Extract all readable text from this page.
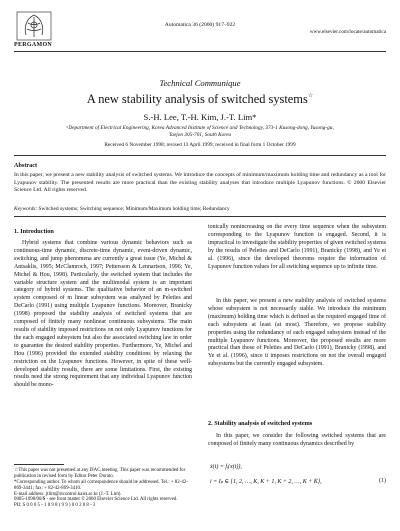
PERGAMON
Automatica 36 (2000) 917–922
www.elsevier.com/locate/automatica
Technical Communique
A new stability analysis of switched systems☆
S.-H. Lee, T.-H. Kim, J.-T. Lim*
ᵃDepartment of Electrical Engineering, Korea Advanced Institute of Science and Technology, 373-1 Kusong-dong, Yusong-gu, Taejon 305-701, South Korea
Received 6 November 1998; revised 13 April 1999; received in final form 1 October 1999
Abstract
In this paper, we present a new stability analysis of switched systems. We introduce the concepts of minimum/maximum holding time and redundancy as a tool for Lyapunov stability. The presented results are more practical than the existing stability analyses that introduce multiple Lyapunov functions. © 2000 Elsevier Science Ltd. All rights reserved.
Keywords: Switched systems; Switching sequence; Minimum/Maximum holding time; Redundancy
1. Introduction
Hybrid systems that combine various dynamic behaviors such as continuous-time dynamic, discrete-time dynamic, event-driven dynamic, switching, and jump phenomena are currently a great issue (Ye, Michel & Antsaklis, 1995; McClamroch, 1997; Pettersson & Lennartson, 1996; Ye, Michel & Hou, 1998). Particularly, the switched system that includes the variable structure system and the multimodal system is an important category of hybrid systems. The qualitative behavior of an m-switched system composed of m linear subsystem was analyzed by Peleties and DeCarlo (1991) using multiple Lyapunov functions. Moreover, Branicky (1998) proposed the stability analysis of switched systems that are composed of finitely many nonlinear continuous subsystems. The main results of stability imposed restrictions on not only Lyapunov functions for the each engaged subsystem but also the associated switching law in order to guarantee the desired stability properties. Furthermore, Ye, Michel and Hou (1996) provided the extended stability conditions by relaxing the restriction on the Lyapunov functions. However, in spite of these well-developed stability results, there are some limitations. First, the existing results need the strong requirement that any individual Lyapunov function should be mono-

☆This paper was not presented at any IFAC meeting. This paper was recommended for publication in revised form by Editor Peter Dorato.

*Corresponding author. To whom all correspondence should be addressed. Tel.: + 82-42-869-3441; fax: + 82-42-869-3410.

E-mail address: jtlim@stcontrol.kaist.ac.kr (J.-T. Lim).

0005-1098/00/$ - see front matter © 2000 Elsevier Science Ltd. All rights reserved.

PII: S 0 0 0 5 - 1 0 9 8 ( 9 9 ) 0 0 2 0 8 - 3

tonically nonincreasing on the every time sequence when the subsystem corresponding to the Lyapunov function is engaged. Second, it is impractical to investigate the stability properties of given switched systems by the results of Peleties and DeCarlo (1991), Branicky (1998), and Ye et al. (1996), since the developed theorems require the information of Lyapunov function values for all switching sequence up to infinite time.
In this paper, we present a new stability analysis of switched systems whose subsystem is not necessarily stable. We introduce the minimum (maximum) holding time which is defined as the required engaged time of each subsystem at least (at most). Therefore, we propose stability properties using the redundancy of each engaged subsystem instead of the multiple Lyapunov functions. Moreover, the proposed results are more practical than those of Peleties and DeCarlo (1991), Branicky (1998), and Ye et al. (1996), since it imposes restrictions on not the overall engaged subsystems but the currently engaged subsystem.
2. Stability analysis of switched systems
In this paper, we consider the following switched systems that are composed of finitely many continuous dynamics described by
ẋ(t) = fᵢ(x(t)),
i = Iₚ ∈ {1, 2, …, K, K + 1, K + 2, …, K + K̄},	(1)
